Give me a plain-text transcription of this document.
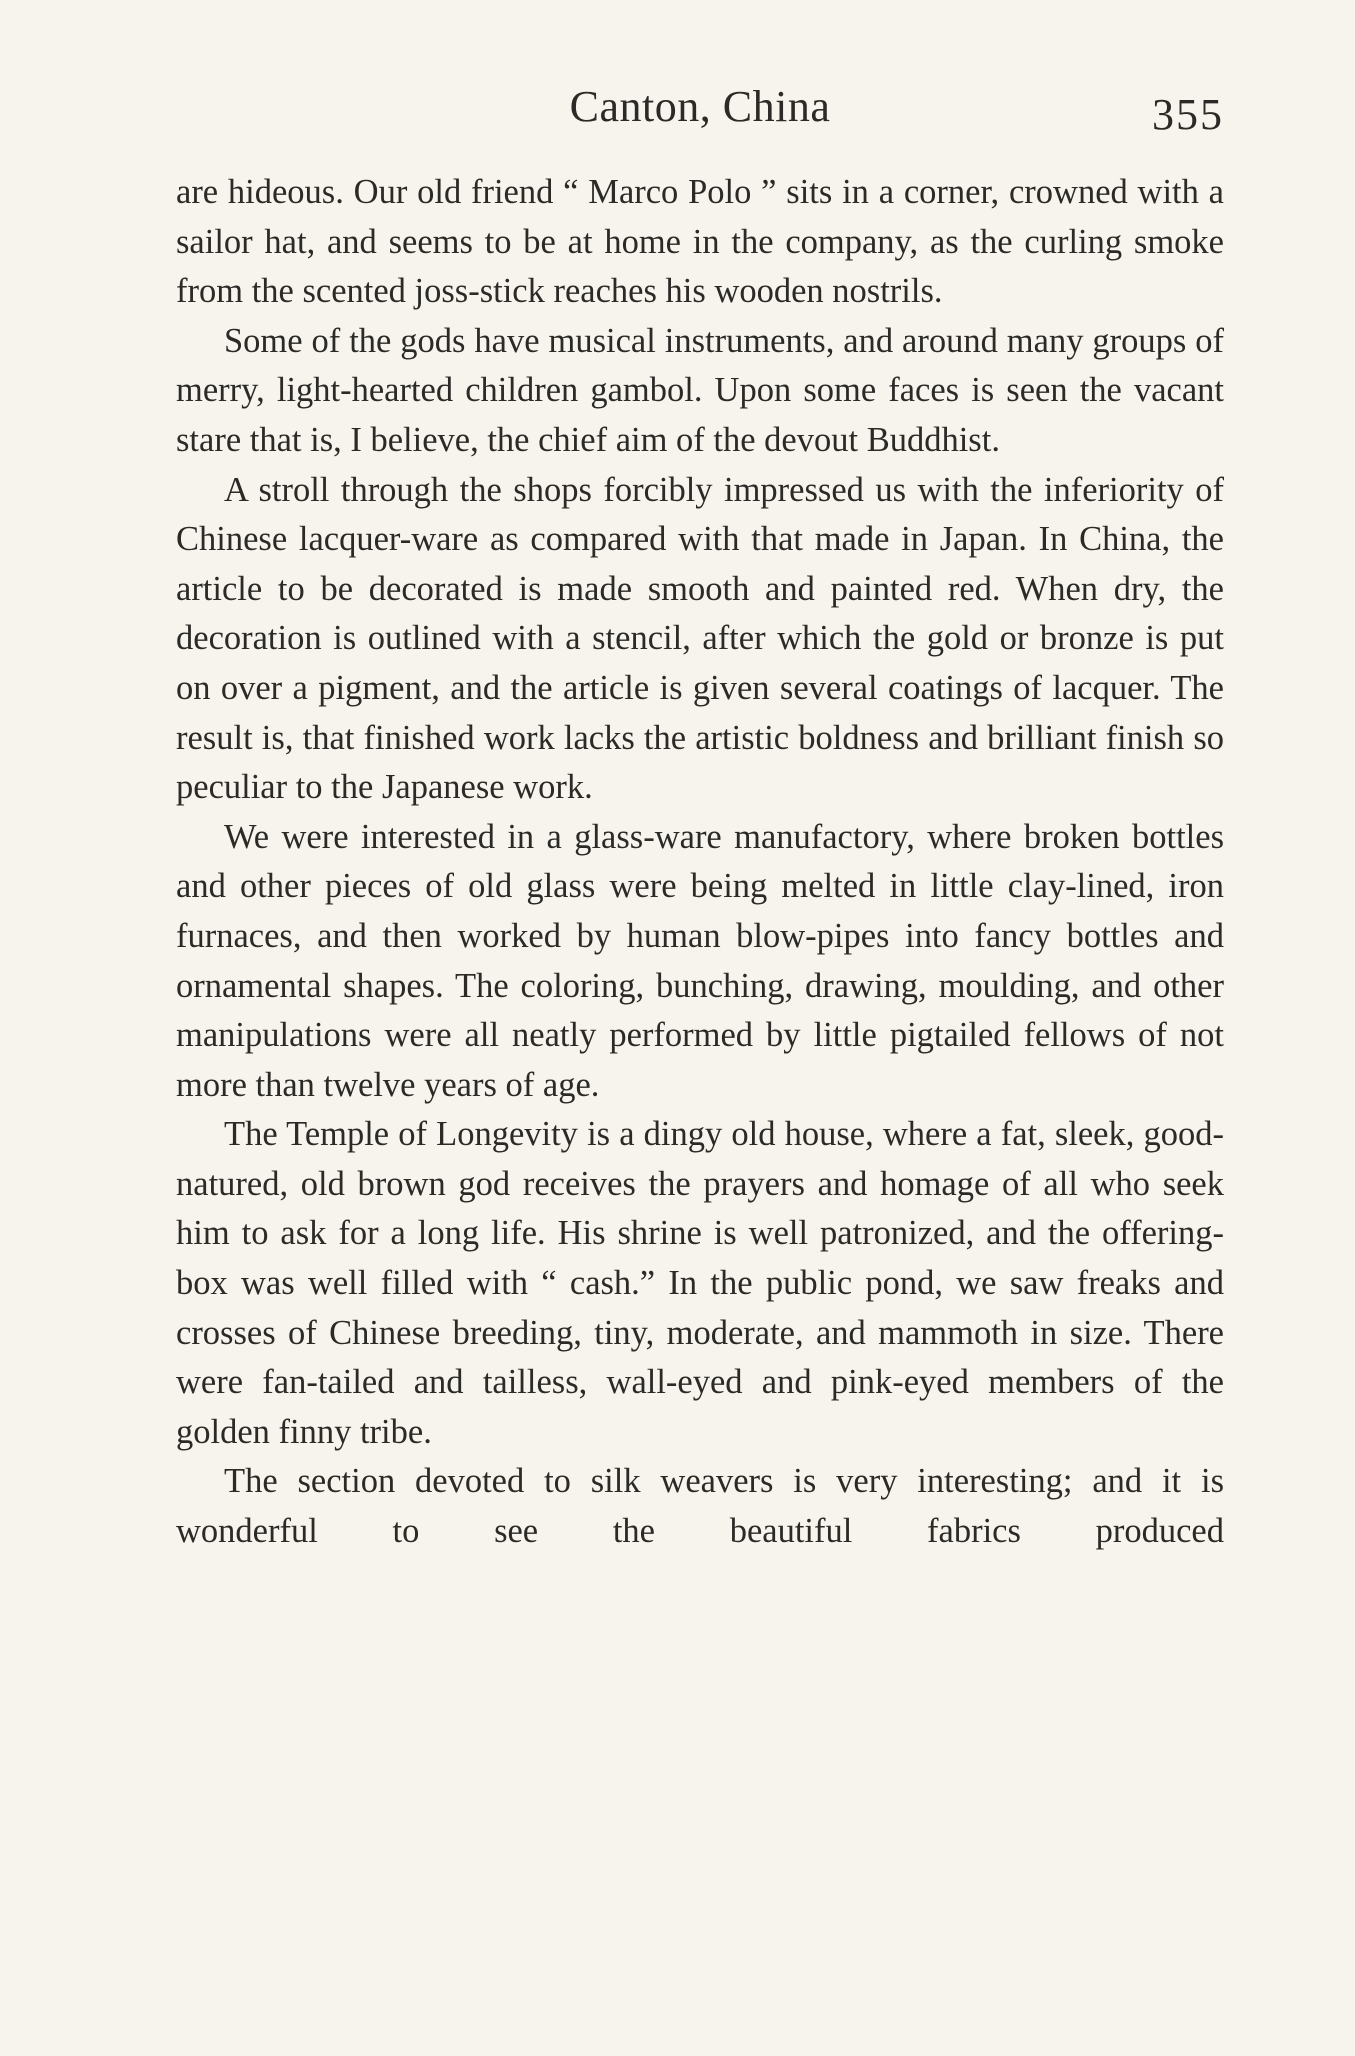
Canton, China	355

are hideous. Our old friend “ Marco Polo ” sits in a corner, crowned with a sailor hat, and seems to be at home in the company, as the curling smoke from the scented joss-stick reaches his wooden nostrils.

Some of the gods have musical instruments, and around many groups of merry, light-hearted children gambol. Upon some faces is seen the vacant stare that is, I believe, the chief aim of the devout Buddhist.

A stroll through the shops forcibly impressed us with the inferiority of Chinese lacquer-ware as compared with that made in Japan. In China, the article to be decorated is made smooth and painted red. When dry, the decoration is outlined with a stencil, after which the gold or bronze is put on over a pigment, and the article is given several coatings of lacquer. The result is, that finished work lacks the artistic boldness and brilliant finish so peculiar to the Japanese work.

We were interested in a glass-ware manufactory, where broken bottles and other pieces of old glass were being melted in little clay-lined, iron furnaces, and then worked by human blow-pipes into fancy bottles and ornamental shapes. The coloring, bunching, drawing, moulding, and other manipulations were all neatly performed by little pigtailed fellows of not more than twelve years of age.

The Temple of Longevity is a dingy old house, where a fat, sleek, good-natured, old brown god receives the prayers and homage of all who seek him to ask for a long life. His shrine is well patronized, and the offering-box was well filled with “ cash.” In the public pond, we saw freaks and crosses of Chinese breeding, tiny, moderate, and mammoth in size. There were fan-tailed and tailless, wall-eyed and pink-eyed members of the golden finny tribe.

The section devoted to silk weavers is very interesting; and it is wonderful to see the beautiful fabrics produced
